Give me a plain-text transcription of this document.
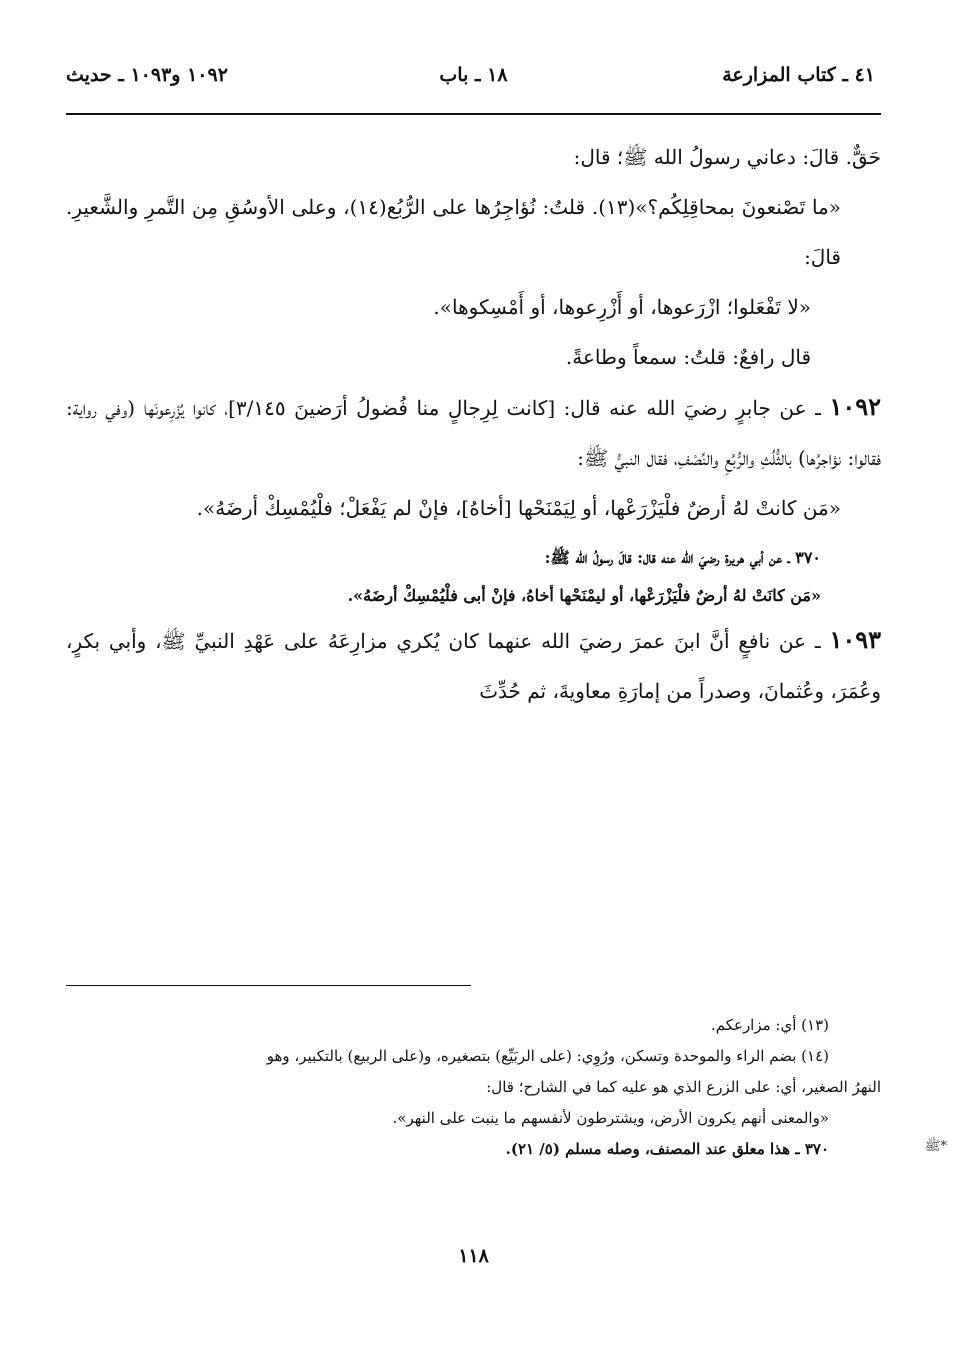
٤١ ـ كتاب المزارعة
١٨ ـ باب
١٠٩٢ و١٠٩٣ ـ حديث

حَقٌّ. قالَ: دعاني رسولُ الله ﷺ؛ قال:

«ما تَصْنعونَ بمحاقِلِكُم؟»(١٣). قلتُ: نُؤاجِرُها على الرُّبُع(١٤)، وعلى الأوسُقِ مِن التَّمرِ والشَّعيرِ. قالَ:

«لا تَفْعَلوا؛ ازْرَعوها، أو أَزْرِعوها، أو أَمْسِكوها».

قال رافعٌ: قلتُ: سمعاً وطاعةً.

١٠٩٢ ـ عن جابرٍ رضيَ الله عنه قال: [كانت لِرِجالٍ منا فُضولُ أرَضينَ ٣/١٤٥]، كانوا يُزْرِعونَها (وفي رواية: فقالوا: نؤاجرُها) بالثُّلُثِ والرُّبُعِ والنِّصْفِ، فقال النبيُّ ﷺ:

«مَن كانتْ لهُ أرضٌ فلْيَزْرَعْها، أو لِيَمْنَحْها [أخاهُ]، فإنْ لم يَفْعَلْ؛ فلْيُمْسِكْ أرضَهُ».

٣٧٠ ـ عن أبي هريرة رضيَ الله عنه قال: قالَ رسولُ الله ﷺ:

«مَن كانَتْ لهُ أرضٌ فلْيَزْرَعْها، أو ليمْنَحْها أخاهُ، فإنْ أبى فلْيُمْسِكْ أرضَهُ».

١٠٩٣ ـ عن نافعٍ أنَّ ابنَ عمرَ رضيَ الله عنهما كان يُكري مزارِعَهُ على عَهْدِ النبيِّ ﷺ، وأبي بكرٍ، وعُمَرَ، وعُثمانَ، وصدراً من إمارَةِ معاويةَ، ثم حُدِّثَ

(١٣) أي: مزارعكم.

(١٤) بضم الراء والموحدة وتسكن، ورُوِي: (على الربَيِّع) بتصغيره، و(على الربيع) بالتكبير، وهو

النهرُ الصغير، أي: على الزرع الذي هو عليه كما في الشارح؛ قال:

«والمعنى أنهم يكرون الأرض، ويشترطون لأنفسهم ما ينبت على النهر».

٣٧٠ ـ هذا معلق عند المصنف، وصله مسلم (٥/ ٢١).

١١٨
*ﷺ
